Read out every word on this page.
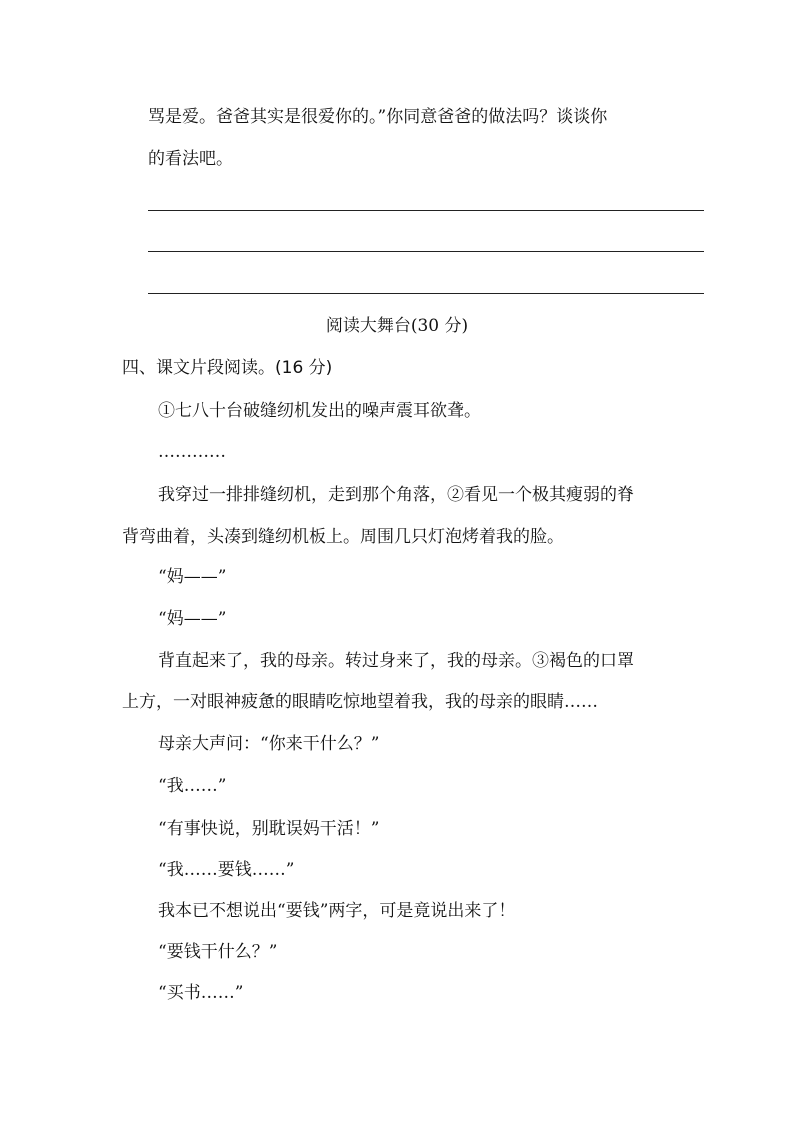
骂是爱。爸爸其实是很爱你的。”你同意爸爸的做法吗？谈谈你
的看法吧。
阅读大舞台(30 分)
四、课文片段阅读。(16 分)
①七八十台破缝纫机发出的噪声震耳欲聋。
…………
我穿过一排排缝纫机，走到那个角落，②看见一个极其瘦弱的脊
背弯曲着，头凑到缝纫机板上。周围几只灯泡烤着我的脸。
“妈——”
“妈——”
背直起来了，我的母亲。转过身来了，我的母亲。③褐色的口罩
上方，一对眼神疲惫的眼睛吃惊地望着我，我的母亲的眼睛……
母亲大声问：“你来干什么？”
“我……”
“有事快说，别耽误妈干活！”
“我……要钱……”
我本已不想说出“要钱”两字，可是竟说出来了！
“要钱干什么？”
“买书……”
